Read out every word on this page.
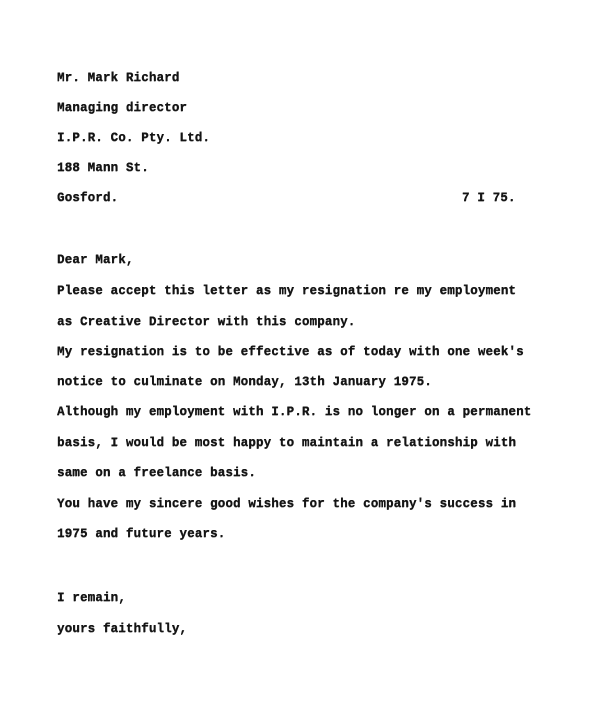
Mr. Mark Richard
Managing director
I.P.R. Co. Pty. Ltd.
188 Mann St.
Gosford.	7 I 75.
Dear Mark,
Please accept this letter as my resignation re my employment
as Creative Director with this company.
My resignation is to be effective as of today with one week's
notice to culminate on Monday, 13th January 1975.
Although my employment with I.P.R. is no longer on a permanent
basis, I would be most happy to maintain a relationship with
same on a freelance basis.
You have my sincere good wishes for the company's success in
1975 and future years.
I remain,
yours faithfully,
